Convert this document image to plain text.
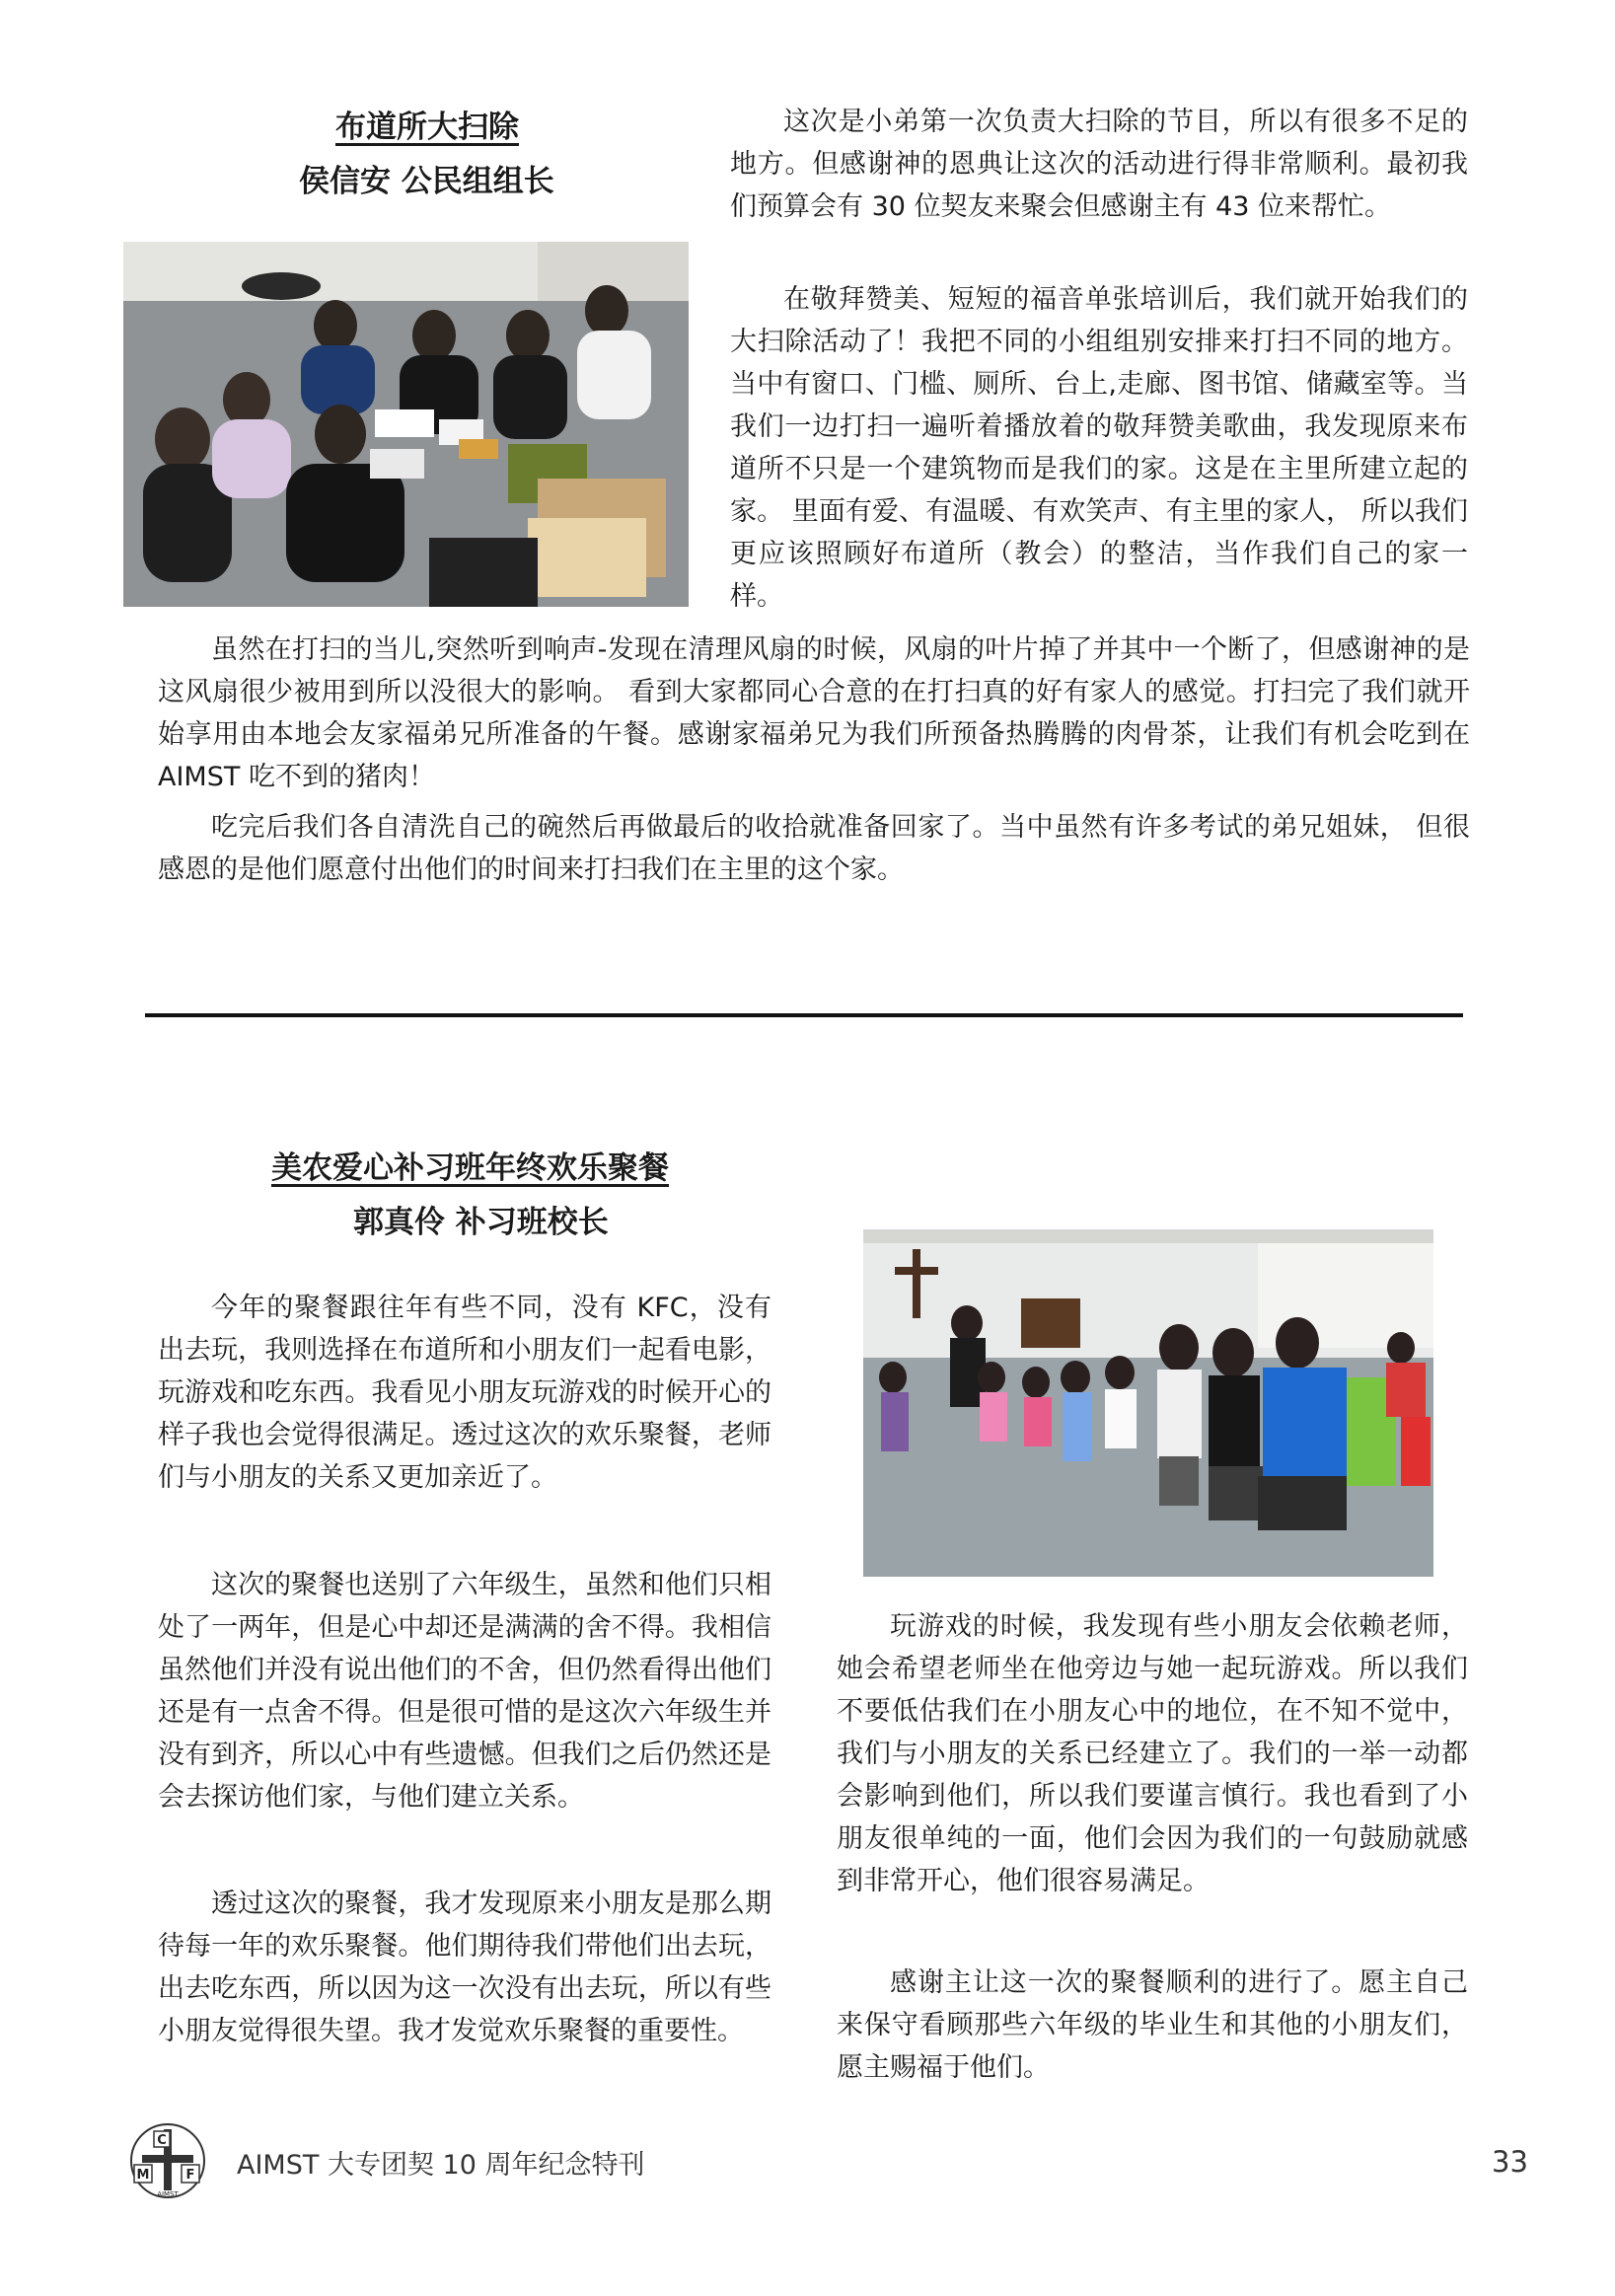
布道所大扫除
侯信安 公民组组长

这次是小弟第一次负责大扫除的节目，所以有很多不足的地方。但感谢神的恩典让这次的活动进行得非常顺利。最初我们预算会有 30 位契友来聚会但感谢主有 43 位来帮忙。

在敬拜赞美、短短的福音单张培训后，我们就开始我们的大扫除活动了！我把不同的小组组别安排来打扫不同的地方。当中有窗口、门槛、厕所、台上,走廊、图书馆、储藏室等。当我们一边打扫一遍听着播放着的敬拜赞美歌曲，我发现原来布道所不只是一个建筑物而是我们的家。这是在主里所建立起的家。 里面有爱、有温暖、有欢笑声、有主里的家人， 所以我们更应该照顾好布道所（教会）的整洁，当作我们自己的家一样。

虽然在打扫的当儿,突然听到响声-发现在清理风扇的时候，风扇的叶片掉了并其中一个断了，但感谢神的是这风扇很少被用到所以没很大的影响。 看到大家都同心合意的在打扫真的好有家人的感觉。打扫完了我们就开始享用由本地会友家福弟兄所准备的午餐。感谢家福弟兄为我们所预备热腾腾的肉骨茶，让我们有机会吃到在 AIMST 吃不到的猪肉！

吃完后我们各自清洗自己的碗然后再做最后的收拾就准备回家了。当中虽然有许多考试的弟兄姐妹， 但很感恩的是他们愿意付出他们的时间来打扫我们在主里的这个家。

美农爱心补习班年终欢乐聚餐
郭真伶 补习班校长

今年的聚餐跟往年有些不同，没有 KFC，没有出去玩，我则选择在布道所和小朋友们一起看电影，玩游戏和吃东西。我看见小朋友玩游戏的时候开心的样子我也会觉得很满足。透过这次的欢乐聚餐，老师们与小朋友的关系又更加亲近了。

这次的聚餐也送别了六年级生，虽然和他们只相处了一两年，但是心中却还是满满的舍不得。我相信虽然他们并没有说出他们的不舍，但仍然看得出他们还是有一点舍不得。但是很可惜的是这次六年级生并没有到齐，所以心中有些遗憾。但我们之后仍然还是会去探访他们家，与他们建立关系。

透过这次的聚餐，我才发现原来小朋友是那么期待每一年的欢乐聚餐。他们期待我们带他们出去玩，出去吃东西，所以因为这一次没有出去玩，所以有些小朋友觉得很失望。我才发觉欢乐聚餐的重要性。

玩游戏的时候，我发现有些小朋友会依赖老师，她会希望老师坐在他旁边与她一起玩游戏。所以我们不要低估我们在小朋友心中的地位，在不知不觉中，我们与小朋友的关系已经建立了。我们的一举一动都会影响到他们，所以我们要谨言慎行。我也看到了小朋友很单纯的一面，他们会因为我们的一句鼓励就感到非常开心，他们很容易满足。

感谢主让这一次的聚餐顺利的进行了。愿主自己来保守看顾那些六年级的毕业生和其他的小朋友们，愿主赐福于他们。

C
M	F
AIMST
AIMST 大专团契 10 周年纪念特刊	33
